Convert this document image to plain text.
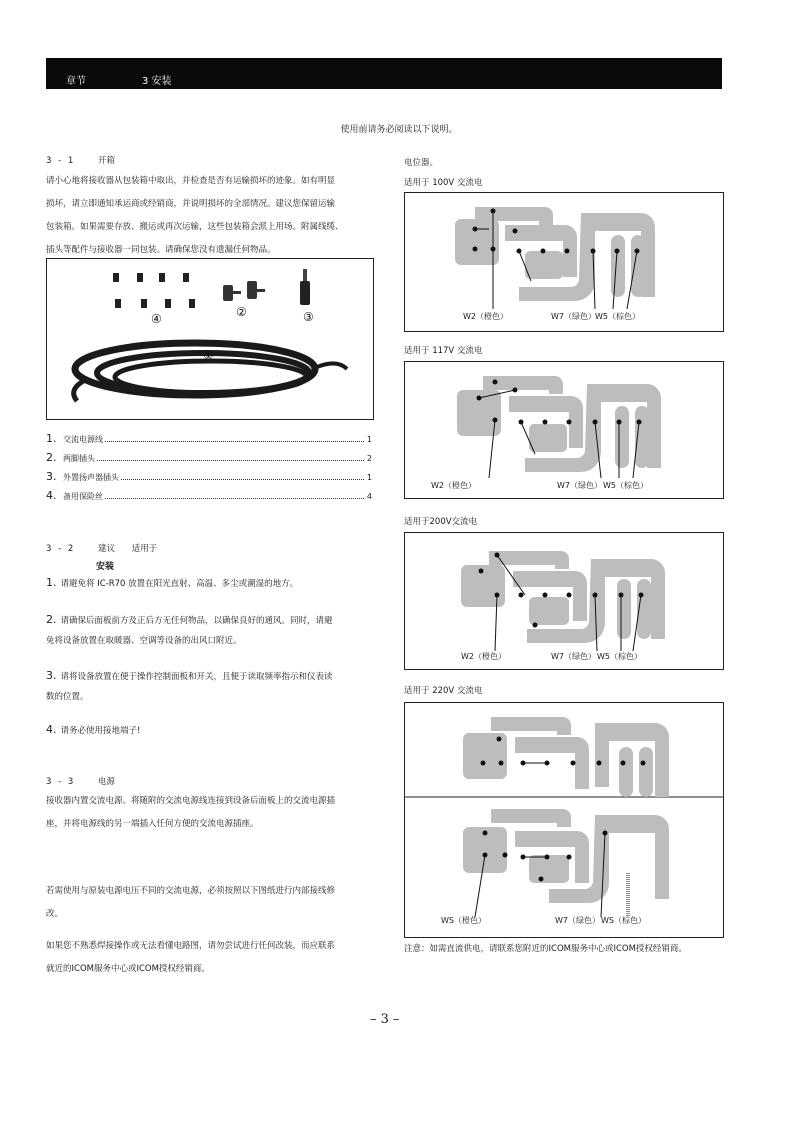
章节	3 安装
使用前请务必阅读以下说明。
3 - 1	开箱
请小心地将接收器从包装箱中取出，并检查是否有运输损坏的迹象。如有明显
损坏，请立即通知承运商或经销商，并说明损坏的全部情况。建议您保留运输
包装箱。如果需要存放、搬运或再次运输，这些包装箱会派上用场。附属线缆、
插头等配件与接收器一同包装。请确保您没有遗漏任何物品。
④	②	③
①
1. 交流电源线	1
2. 两脚插头	2
3. 外置扬声器插头	1
4. 备用保险丝	4
3 - 2	建议 适用于
安装
1. 请避免将 IC-R70 放置在阳光直射、高温、多尘或潮湿的地方。
2. 请确保后面板前方及正后方无任何物品，以确保良好的通风。同时，请避
免将设备放置在取暖器、空调等设备的出风口附近。
3. 请将设备放置在便于操作控制面板和开关，且便于读取频率指示和仪表读
数的位置。
4. 请务必使用接地端子!
3 - 3	电源
接收器内置交流电源。将随附的交流电源线连接到设备后面板上的交流电源插
座，并将电源线的另一端插入任何方便的交流电源插座。
若需使用与原装电源电压不同的交流电源，必须按照以下图纸进行内部接线修
改。
如果您不熟悉焊接操作或无法看懂电路图，请勿尝试进行任何改装，而应联系
就近的ICOM服务中心或ICOM授权经销商。
电位器。
适用于 100V 交流电
W2（橙色）	W7（绿色） W5（棕色）
适用于 117V 交流电
W2（橙色）	W7（绿色） W5（棕色）
适用于200V交流电
W2（橙色）	W7（绿色） W5（棕色）
适用于 220V 交流电
WS（橙色）	W7（绿色） WS（棕色）
注意：如需直流供电，请联系您附近的ICOM服务中心或ICOM授权经销商。
– 3 –
